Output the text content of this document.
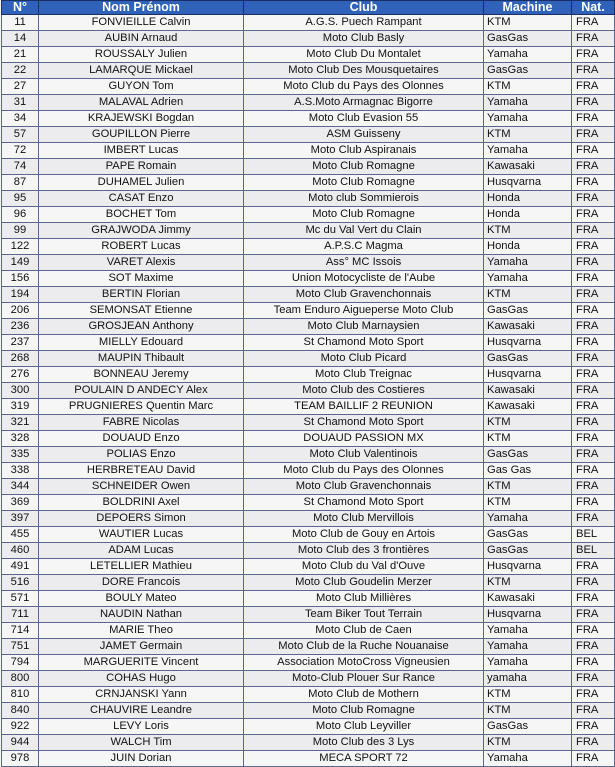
N°	Nom Prénom	Club	Machine	Nat.
11	FONVIEILLE Calvin	A.G.S. Puech Rampant	KTM	FRA
14	AUBIN Arnaud	Moto Club Basly	GasGas	FRA
21	ROUSSALY Julien	Moto Club Du Montalet	Yamaha	FRA
22	LAMARQUE Mickael	Moto Club Des Mousquetaires	GasGas	FRA
27	GUYON Tom	Moto Club du Pays des Olonnes	KTM	FRA
31	MALAVAL Adrien	A.S.Moto Armagnac Bigorre	Yamaha	FRA
34	KRAJEWSKI Bogdan	Moto Club Evasion 55	Yamaha	FRA
57	GOUPILLON Pierre	ASM Guisseny	KTM	FRA
72	IMBERT Lucas	Moto Club Aspiranais	Yamaha	FRA
74	PAPE Romain	Moto Club Romagne	Kawasaki	FRA
87	DUHAMEL Julien	Moto Club Romagne	Husqvarna	FRA
95	CASAT Enzo	Moto club Sommierois	Honda	FRA
96	BOCHET Tom	Moto Club Romagne	Honda	FRA
99	GRAJWODA Jimmy	Mc du Val Vert du Clain	KTM	FRA
122	ROBERT Lucas	A.P.S.C Magma	Honda	FRA
149	VARET Alexis	Ass° MC Issois	Yamaha	FRA
156	SOT Maxime	Union Motocycliste de l'Aube	Yamaha	FRA
194	BERTIN Florian	Moto Club Gravenchonnais	KTM	FRA
206	SEMONSAT Etienne	Team Enduro Aigueperse Moto Club	GasGas	FRA
236	GROSJEAN Anthony	Moto Club Marnaysien	Kawasaki	FRA
237	MIELLY Edouard	St Chamond Moto Sport	Husqvarna	FRA
268	MAUPIN Thibault	Moto Club Picard	GasGas	FRA
276	BONNEAU Jeremy	Moto Club Treignac	Husqvarna	FRA
300	POULAIN D ANDECY Alex	Moto Club des Costieres	Kawasaki	FRA
319	PRUGNIERES Quentin Marc	TEAM BAILLIF 2 REUNION	Kawasaki	FRA
321	FABRE Nicolas	St Chamond Moto Sport	KTM	FRA
328	DOUAUD Enzo	DOUAUD PASSION MX	KTM	FRA
335	POLIAS Enzo	Moto Club Valentinois	GasGas	FRA
338	HERBRETEAU David	Moto Club du Pays des Olonnes	Gas Gas	FRA
344	SCHNEIDER Owen	Moto Club Gravenchonnais	KTM	FRA
369	BOLDRINI Axel	St Chamond Moto Sport	KTM	FRA
397	DEPOERS Simon	Moto Club Mervillois	Yamaha	FRA
455	WAUTIER Lucas	Moto Club de Gouy en Artois	GasGas	BEL
460	ADAM Lucas	Moto Club des 3 frontières	GasGas	BEL
491	LETELLIER Mathieu	Moto Club du Val d'Ouve	Husqvarna	FRA
516	DORE Francois	Moto Club Goudelin Merzer	KTM	FRA
571	BOULY Mateo	Moto Club Millières	Kawasaki	FRA
711	NAUDIN Nathan	Team Biker Tout Terrain	Husqvarna	FRA
714	MARIE Theo	Moto Club de Caen	Yamaha	FRA
751	JAMET Germain	Moto Club de la Ruche Nouanaise	Yamaha	FRA
794	MARGUERITE Vincent	Association MotoCross Vigneusien	Yamaha	FRA
800	COHAS Hugo	Moto-Club Plouer Sur Rance	yamaha	FRA
810	CRNJANSKI Yann	Moto Club de Mothern	KTM	FRA
840	CHAUVIRE Leandre	Moto Club Romagne	KTM	FRA
922	LEVY Loris	Moto Club Leyviller	GasGas	FRA
944	WALCH Tim	Moto Club des 3 Lys	KTM	FRA
978	JUIN Dorian	MECA SPORT 72	Yamaha	FRA
